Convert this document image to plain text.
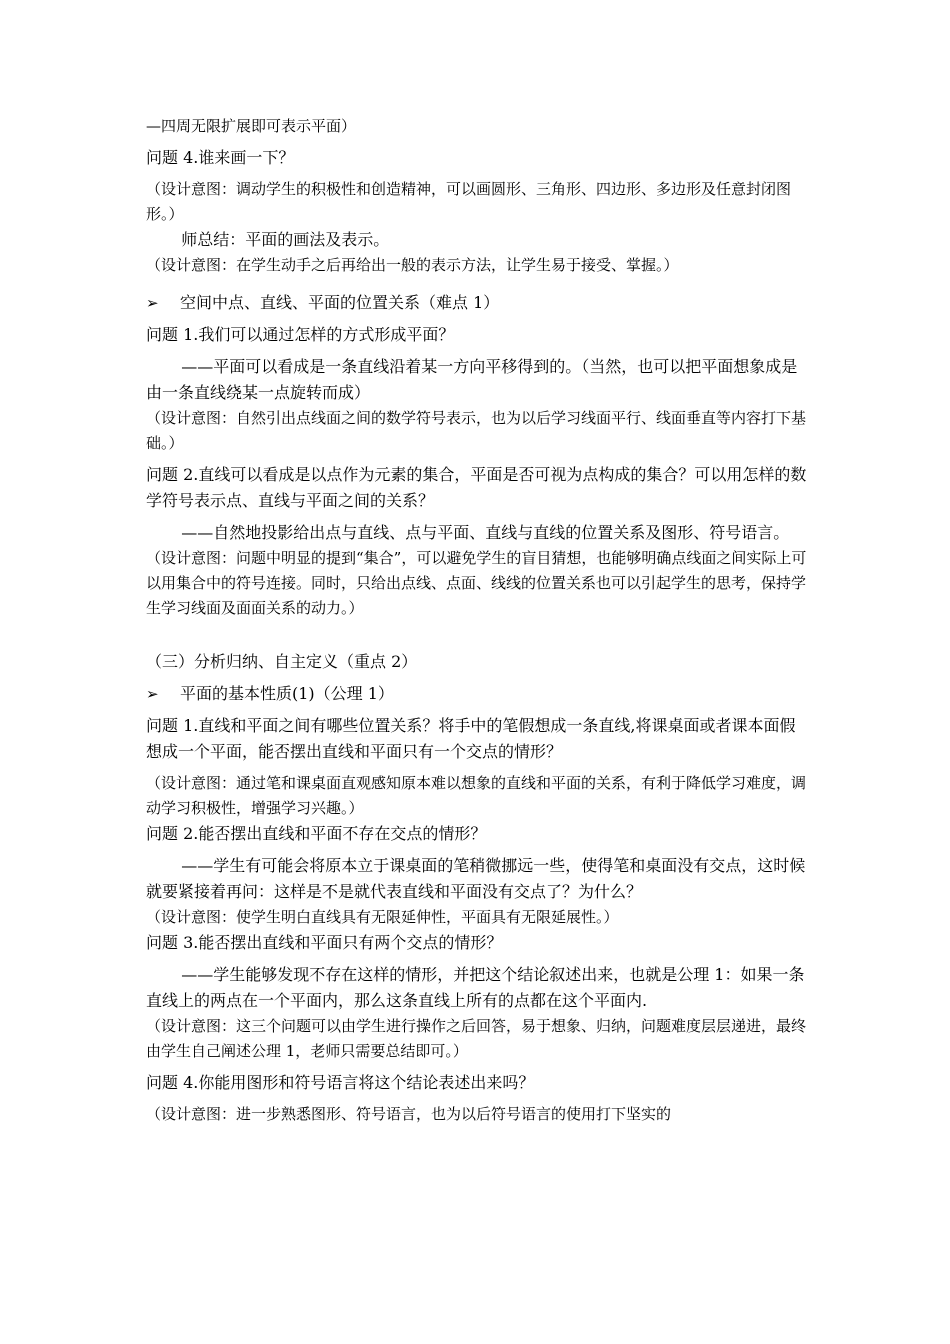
—四周无限扩展即可表示平面）

问题 4.谁来画一下？

（设计意图：调动学生的积极性和创造精神，可以画圆形、三角形、四边形、多边形及任意封闭图形。）

师总结：平面的画法及表示。

（设计意图：在学生动手之后再给出一般的表示方法，让学生易于接受、掌握。）

➢ 空间中点、直线、平面的位置关系（难点 1）

问题 1.我们可以通过怎样的方式形成平面？

——平面可以看成是一条直线沿着某一方向平移得到的。（当然，也可以把平面想象成是由一条直线绕某一点旋转而成）

（设计意图：自然引出点线面之间的数学符号表示，也为以后学习线面平行、线面垂直等内容打下基础。）

问题 2.直线可以看成是以点作为元素的集合，平面是否可视为点构成的集合？可以用怎样的数学符号表示点、直线与平面之间的关系？

——自然地投影给出点与直线、点与平面、直线与直线的位置关系及图形、符号语言。

（设计意图：问题中明显的提到“集合”，可以避免学生的盲目猜想，也能够明确点线面之间实际上可以用集合中的符号连接。同时，只给出点线、点面、线线的位置关系也可以引起学生的思考，保持学生学习线面及面面关系的动力。）

（三）分析归纳、自主定义（重点 2）

➢ 平面的基本性质(1)（公理 1）

问题 1.直线和平面之间有哪些位置关系？将手中的笔假想成一条直线,将课桌面或者课本面假想成一个平面，能否摆出直线和平面只有一个交点的情形？

（设计意图：通过笔和课桌面直观感知原本难以想象的直线和平面的关系，有利于降低学习难度，调动学习积极性，增强学习兴趣。）

问题 2.能否摆出直线和平面不存在交点的情形？

——学生有可能会将原本立于课桌面的笔稍微挪远一些，使得笔和桌面没有交点，这时候就要紧接着再问：这样是不是就代表直线和平面没有交点了？为什么？

（设计意图：使学生明白直线具有无限延伸性，平面具有无限延展性。）

问题 3.能否摆出直线和平面只有两个交点的情形？

——学生能够发现不存在这样的情形，并把这个结论叙述出来，也就是公理 1：如果一条直线上的两点在一个平面内，那么这条直线上所有的点都在这个平面内.

（设计意图：这三个问题可以由学生进行操作之后回答，易于想象、归纳，问题难度层层递进，最终由学生自己阐述公理 1，老师只需要总结即可。）

问题 4.你能用图形和符号语言将这个结论表述出来吗？

（设计意图：进一步熟悉图形、符号语言，也为以后符号语言的使用打下坚实的
